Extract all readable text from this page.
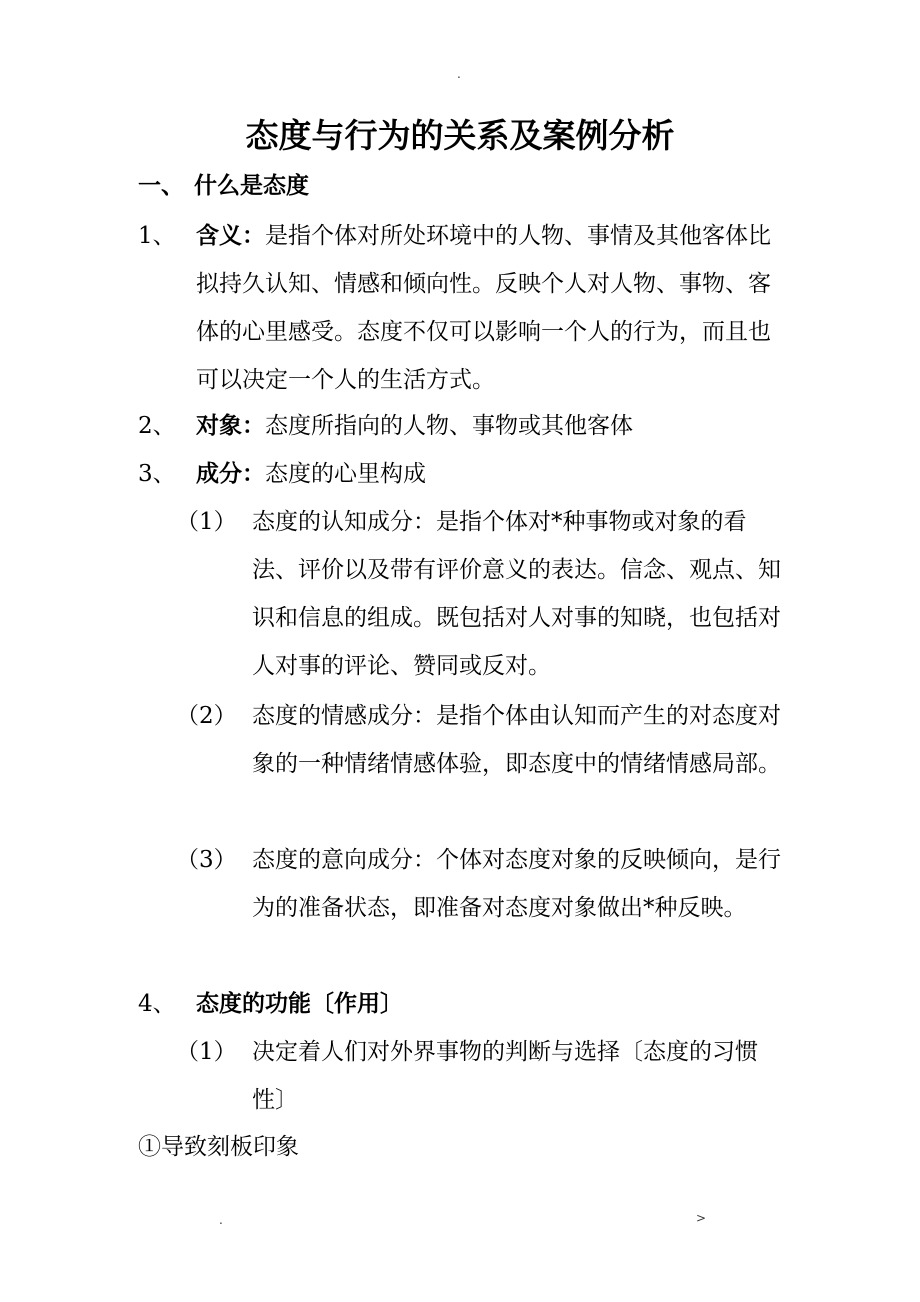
.
态度与行为的关系及案例分析
一、 什么是态度
1、 含义：是指个体对所处环境中的人物、事情及其他客体比拟持久认知、情感和倾向性。反映个人对人物、事物、客体的心里感受。态度不仅可以影响一个人的行为，而且也可以决定一个人的生活方式。
2、 对象：态度所指向的人物、事物或其他客体
3、 成分：态度的心里构成
（1） 态度的认知成分：是指个体对*种事物或对象的看法、评价以及带有评价意义的表达。信念、观点、知识和信息的组成。既包括对人对事的知晓，也包括对人对事的评论、赞同或反对。
（2） 态度的情感成分：是指个体由认知而产生的对态度对象的一种情绪情感体验，即态度中的情绪情感局部。
（3） 态度的意向成分：个体对态度对象的反映倾向，是行为的准备状态，即准备对态度对象做出*种反映。
4、 态度的功能〔作用〕
（1） 决定着人们对外界事物的判断与选择〔态度的习惯性〕
①导致刻板印象
.	>
